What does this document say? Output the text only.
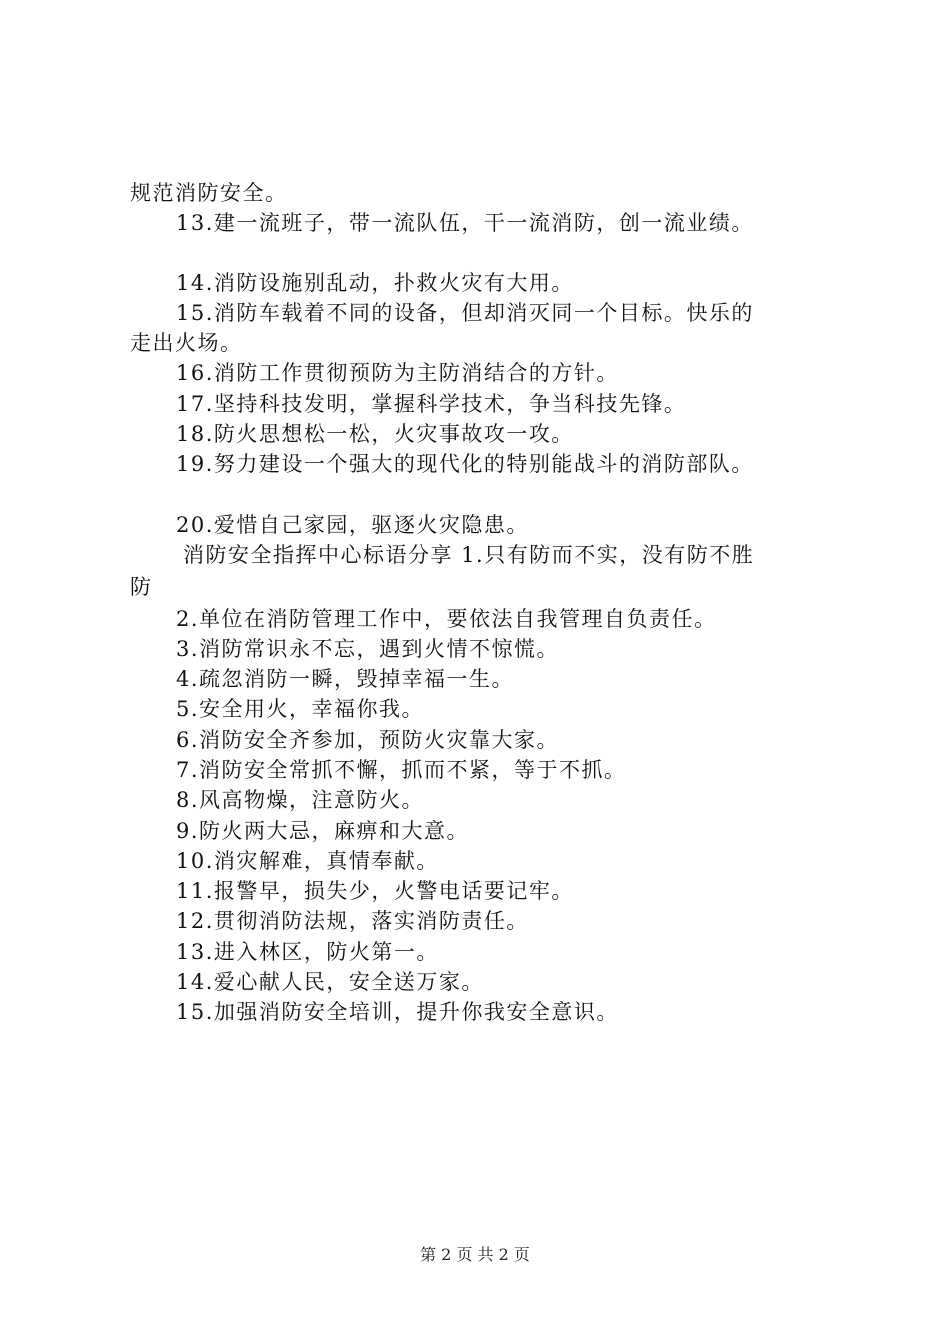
规范消防安全。
13.建一流班子，带一流队伍，干一流消防，创一流业绩。
14.消防设施别乱动，扑救火灾有大用。
15.消防车载着不同的设备，但却消灭同一个目标。快乐的
走出火场。
16.消防工作贯彻预防为主防消结合的方针。
17.坚持科技发明，掌握科学技术，争当科技先锋。
18.防火思想松一松，火灾事故攻一攻。
19.努力建设一个强大的现代化的特别能战斗的消防部队。
20.爱惜自己家园，驱逐火灾隐患。
消防安全指挥中心标语分享 1.只有防而不实，没有防不胜
防
2.单位在消防管理工作中，要依法自我管理自负责任。
3.消防常识永不忘，遇到火情不惊慌。
4.疏忽消防一瞬，毁掉幸福一生。
5.安全用火，幸福你我。
6.消防安全齐参加，预防火灾靠大家。
7.消防安全常抓不懈，抓而不紧，等于不抓。
8.风高物燥，注意防火。
9.防火两大忌，麻痹和大意。
10.消灾解难，真情奉献。
11.报警早，损失少，火警电话要记牢。
12.贯彻消防法规，落实消防责任。
13.进入林区，防火第一。
14.爱心献人民，安全送万家。
15.加强消防安全培训，提升你我安全意识。
第 2 页 共 2 页
